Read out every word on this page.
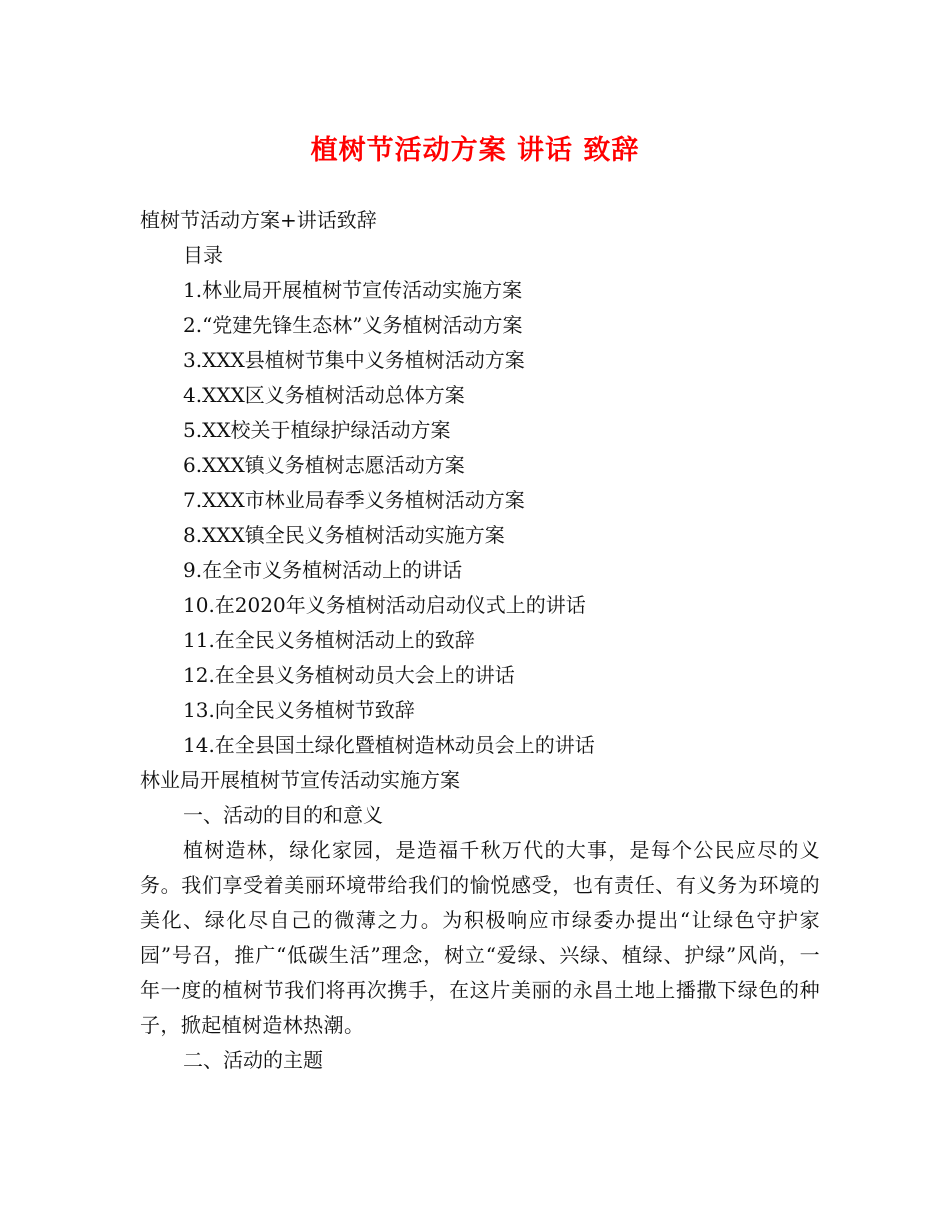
植树节活动方案 讲话 致辞
植树节活动方案+讲话致辞
目录
1.林业局开展植树节宣传活动实施方案
2.“党建先锋生态林”义务植树活动方案
3.XXX县植树节集中义务植树活动方案
4.XXX区义务植树活动总体方案
5.XX校关于植绿护绿活动方案
6.XXX镇义务植树志愿活动方案
7.XXX市林业局春季义务植树活动方案
8.XXX镇全民义务植树活动实施方案
9.在全市义务植树活动上的讲话
10.在2020年义务植树活动启动仪式上的讲话
11.在全民义务植树活动上的致辞
12.在全县义务植树动员大会上的讲话
13.向全民义务植树节致辞
14.在全县国土绿化暨植树造林动员会上的讲话
林业局开展植树节宣传活动实施方案
一、活动的目的和意义
植树造林，绿化家园，是造福千秋万代的大事，是每个公民应尽的义务。我们享受着美丽环境带给我们的愉悦感受，也有责任、有义务为环境的美化、绿化尽自己的微薄之力。为积极响应市绿委办提出“让绿色守护家园”号召，推广“低碳生活”理念，树立“爱绿、兴绿、植绿、护绿”风尚，一年一度的植树节我们将再次携手，在这片美丽的永昌土地上播撒下绿色的种子，掀起植树造林热潮。
二、活动的主题
